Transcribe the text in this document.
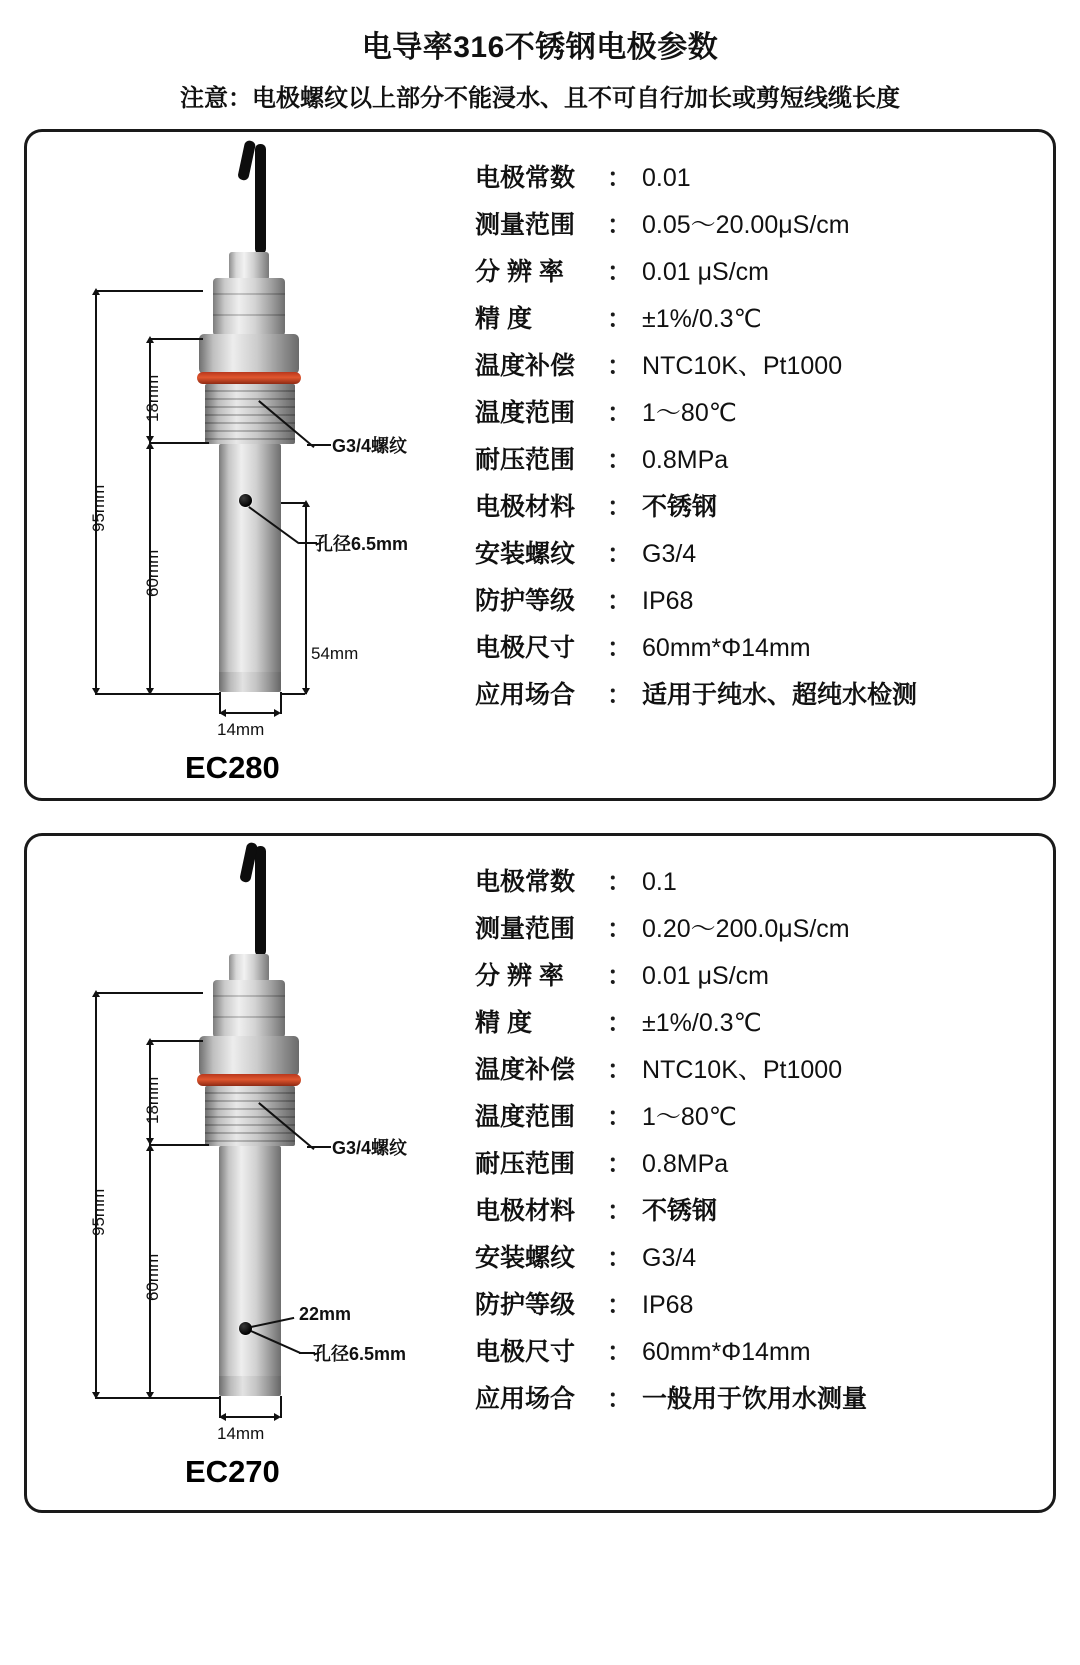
电导率316不锈钢电极参数
注意：电极螺纹以上部分不能浸水、且不可自行加长或剪短线缆长度
95mm
18mm
60mm
54mm
14mm
G3/4螺纹
孔径6.5mm
EC280
电极常数 ： 0.01
测量范围 ： 0.05～20.00μS/cm
分 辨 率 ： 0.01 μS/cm
精 度	： ±1%/0.3℃
温度补偿 ： NTC10K、Pt1000
温度范围 ： 1～80℃
耐压范围 ： 0.8MPa
电极材料 ： 不锈钢
安装螺纹 ： G3/4
防护等级 ： IP68
电极尺寸 ： 60mm*Φ14mm
应用场合 ： 适用于纯水、超纯水检测
95mm
18mm
60mm
14mm
G3/4螺纹
22mm
孔径6.5mm
EC270
电极常数 ： 0.1
测量范围 ： 0.20～200.0μS/cm
分 辨 率 ： 0.01 μS/cm
精 度	： ±1%/0.3℃
温度补偿 ： NTC10K、Pt1000
温度范围 ： 1～80℃
耐压范围 ： 0.8MPa
电极材料 ： 不锈钢
安装螺纹 ： G3/4
防护等级 ： IP68
电极尺寸 ： 60mm*Φ14mm
应用场合 ： 一般用于饮用水测量
